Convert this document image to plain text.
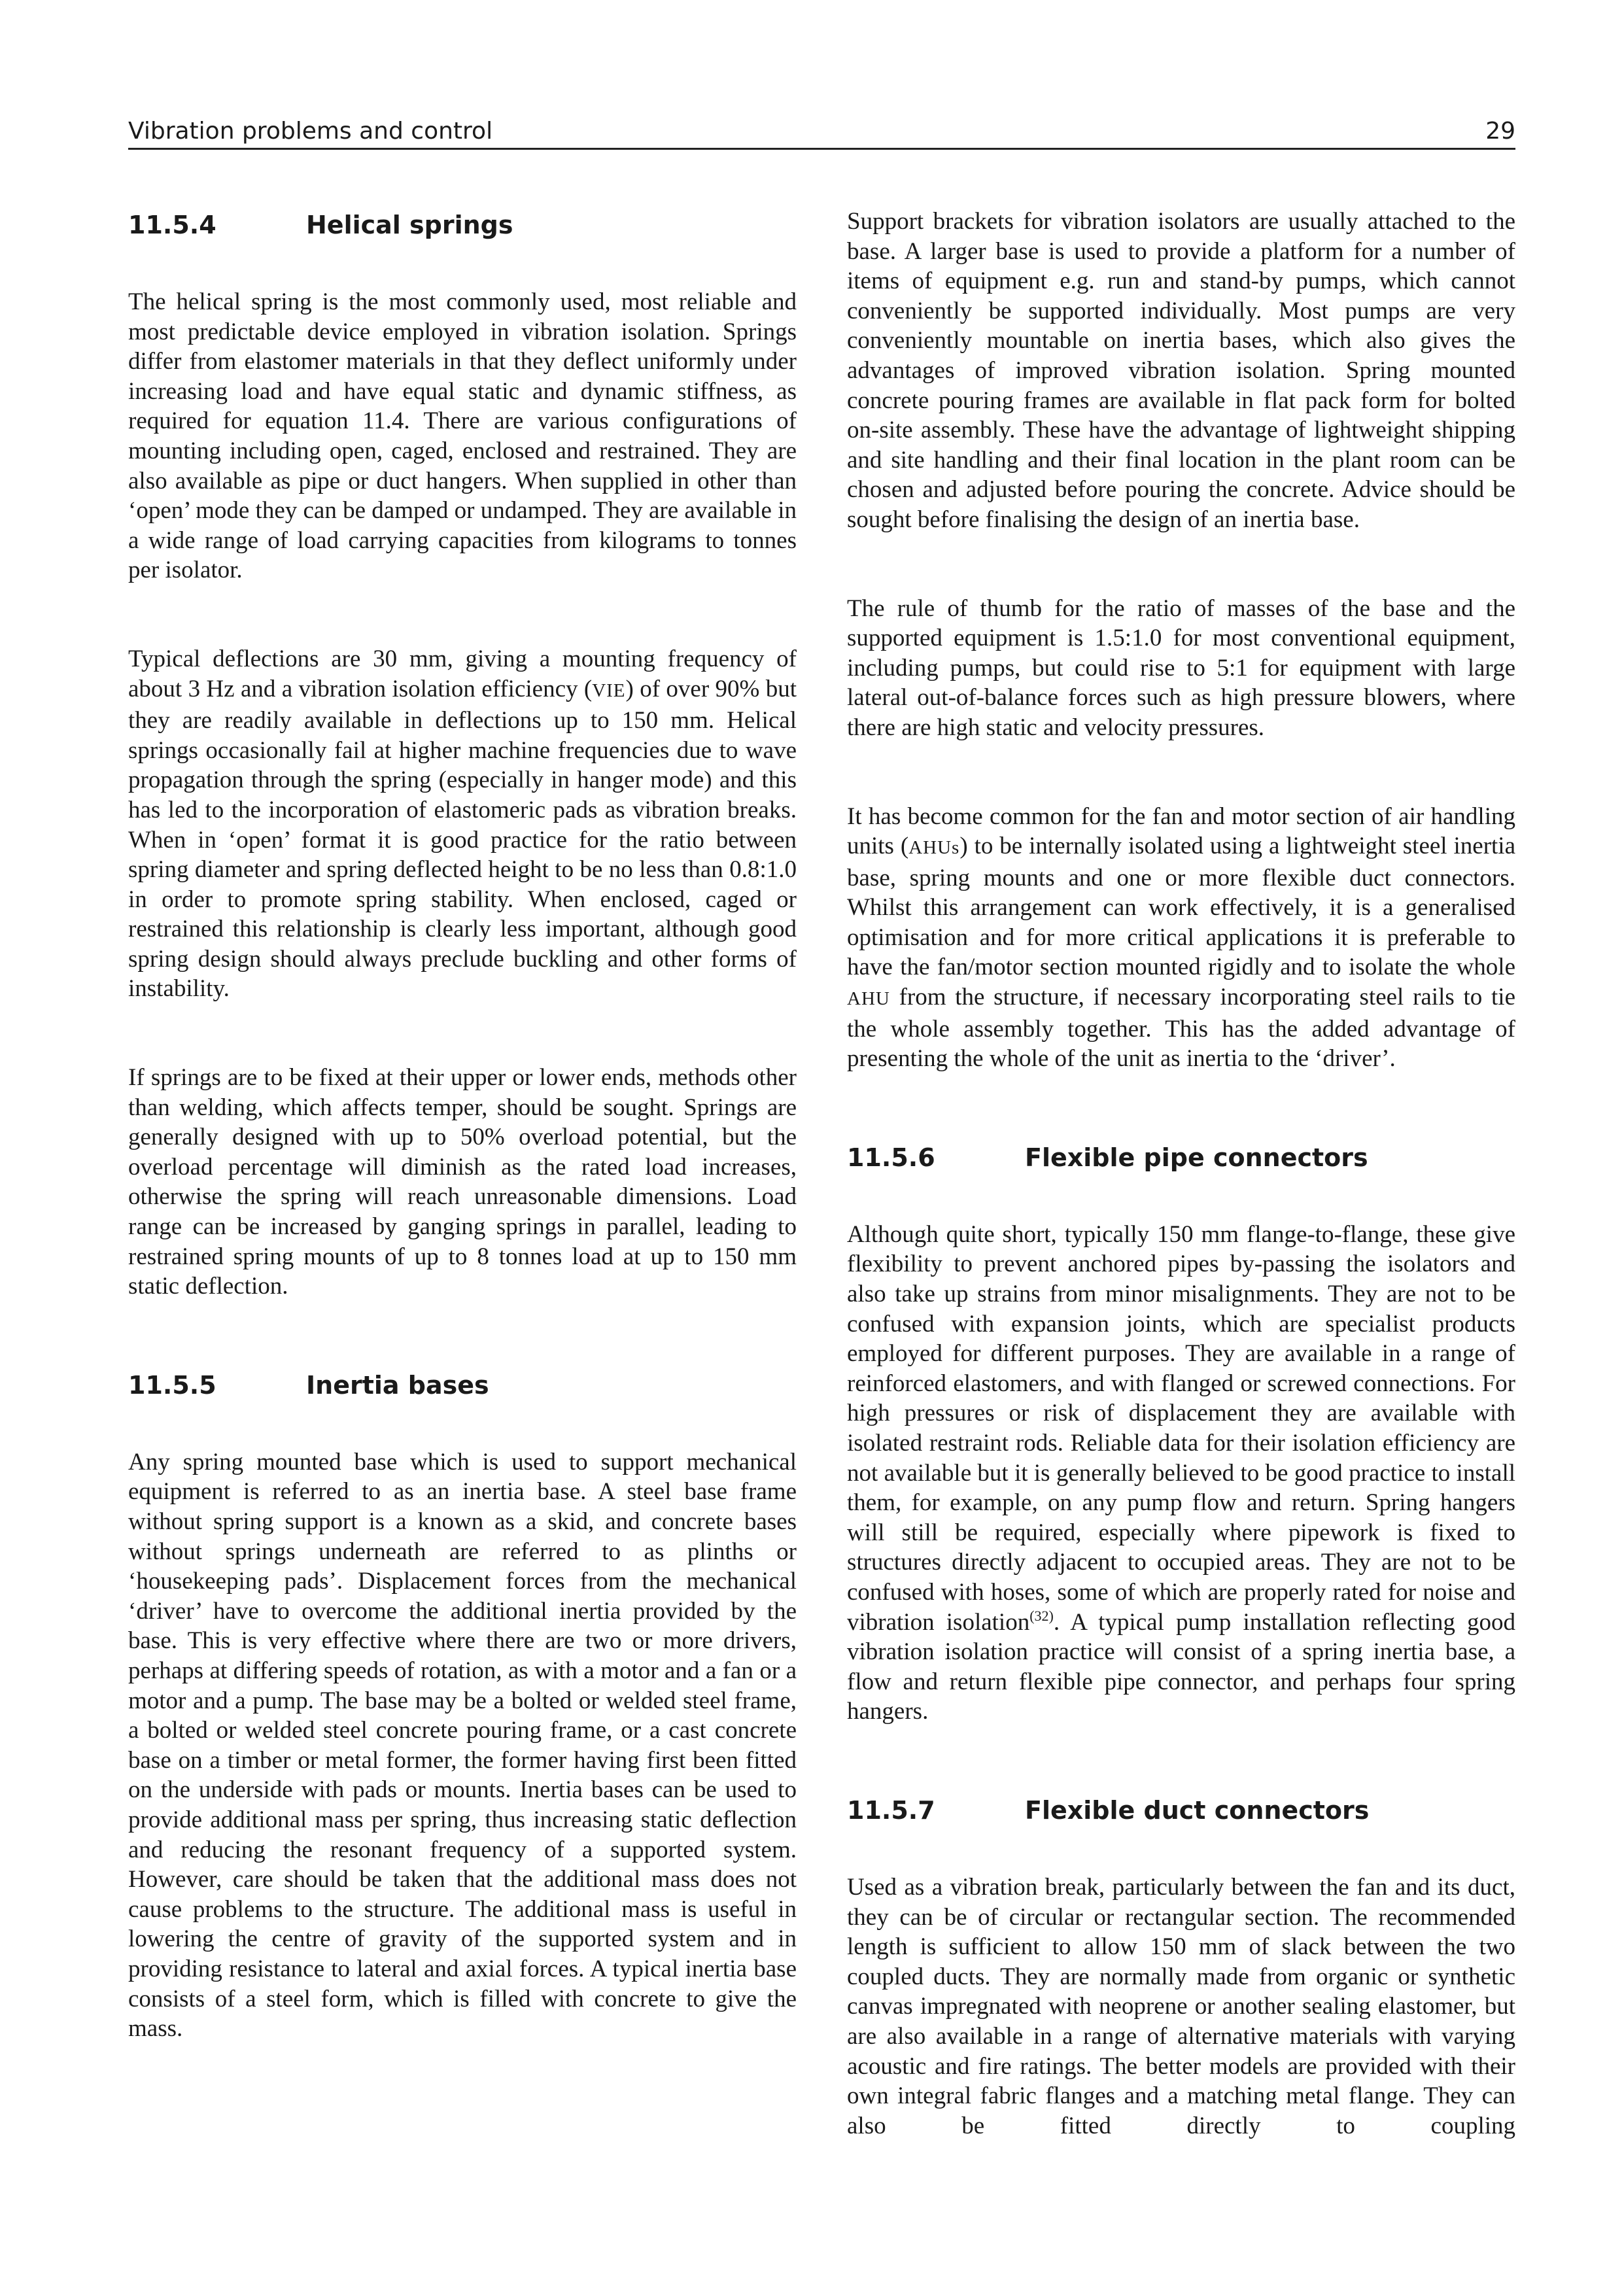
Vibration problems and control	29
11.5.4	Helical springs

The helical spring is the most commonly used, most reliable and most predictable device employed in vibration isolation. Springs differ from elastomer materials in that they deflect uniformly under increasing load and have equal static and dynamic stiffness, as required for equation 11.4. There are various configurations of mounting including open, caged, enclosed and restrained. They are also available as pipe or duct hangers. When supplied in other than ‘open’ mode they can be damped or undamped. They are available in a wide range of load carrying capacities from kilograms to tonnes per isolator.

Typical deflections are 30 mm, giving a mounting frequency of about 3 Hz and a vibration isolation efficiency (VIE) of over 90% but they are readily available in deflections up to 150 mm. Helical springs occasionally fail at higher machine frequencies due to wave propagation through the spring (especially in hanger mode) and this has led to the incorporation of elastomeric pads as vibration breaks. When in ‘open’ format it is good practice for the ratio between spring diameter and spring deflected height to be no less than 0.8:1.0 in order to promote spring stability. When enclosed, caged or restrained this relationship is clearly less important, although good spring design should always preclude buckling and other forms of instability.

If springs are to be fixed at their upper or lower ends, methods other than welding, which affects temper, should be sought. Springs are generally designed with up to 50% overload potential, but the overload percentage will diminish as the rated load increases, otherwise the spring will reach unreasonable dimensions. Load range can be increased by ganging springs in parallel, leading to restrained spring mounts of up to 8 tonnes load at up to 150 mm static deflection.

11.5.5	Inertia bases

Any spring mounted base which is used to support mechanical equipment is referred to as an inertia base. A steel base frame without spring support is a known as a skid, and concrete bases without springs underneath are referred to as plinths or ‘housekeeping pads’. Displacement forces from the mechanical ‘driver’ have to overcome the additional inertia provided by the base. This is very effective where there are two or more drivers, perhaps at differing speeds of rotation, as with a motor and a fan or a motor and a pump. The base may be a bolted or welded steel frame, a bolted or welded steel concrete pouring frame, or a cast concrete base on a timber or metal former, the former having first been fitted on the underside with pads or mounts. Inertia bases can be used to provide additional mass per spring, thus increasing static deflection and reducing the resonant frequency of a supported system. However, care should be taken that the additional mass does not cause problems to the structure. The additional mass is useful in lowering the centre of gravity of the supported system and in providing resistance to lateral and axial forces. A typical inertia base consists of a steel form, which is filled with concrete to give the mass.

Support brackets for vibration isolators are usually attached to the base. A larger base is used to provide a platform for a number of items of equipment e.g. run and stand-by pumps, which cannot conveniently be supported individually. Most pumps are very conveniently mountable on inertia bases, which also gives the advantages of improved vibration isolation. Spring mounted concrete pouring frames are available in flat pack form for bolted on-site assembly. These have the advantage of lightweight shipping and site handling and their final location in the plant room can be chosen and adjusted before pouring the concrete. Advice should be sought before finalising the design of an inertia base.

The rule of thumb for the ratio of masses of the base and the supported equipment is 1.5:1.0 for most conventional equipment, including pumps, but could rise to 5:1 for equipment with large lateral out-of-balance forces such as high pressure blowers, where there are high static and velocity pressures.

It has become common for the fan and motor section of air handling units (AHUs) to be internally isolated using a lightweight steel inertia base, spring mounts and one or more flexible duct connectors. Whilst this arrangement can work effectively, it is a generalised optimisation and for more critical applications it is preferable to have the fan/motor section mounted rigidly and to isolate the whole AHU from the structure, if necessary incorporating steel rails to tie the whole assembly together. This has the added advantage of presenting the whole of the unit as inertia to the ‘driver’.

11.5.6	Flexible pipe connectors

Although quite short, typically 150 mm flange-to-flange, these give flexibility to prevent anchored pipes by-passing the isolators and also take up strains from minor misalignments. They are not to be confused with expansion joints, which are specialist products employed for different purposes. They are available in a range of reinforced elastomers, and with flanged or screwed connections. For high pressures or risk of displacement they are available with isolated restraint rods. Reliable data for their isolation efficiency are not available but it is generally believed to be good practice to install them, for example, on any pump flow and return. Spring hangers will still be required, especially where pipework is fixed to structures directly adjacent to occupied areas. They are not to be confused with hoses, some of which are properly rated for noise and vibration isolation$^{(32)}$. A typical pump installation reflecting good vibration isolation practice will consist of a spring inertia base, a flow and return flexible pipe connector, and perhaps four spring hangers.

11.5.7	Flexible duct connectors

Used as a vibration break, particularly between the fan and its duct, they can be of circular or rectangular section. The recommended length is sufficient to allow 150 mm of slack between the two coupled ducts. They are normally made from organic or synthetic canvas impregnated with neoprene or another sealing elastomer, but are also available in a range of alternative materials with varying acoustic and fire ratings. The better models are provided with their own integral fabric flanges and a matching metal flange. They can also be fitted directly to coupling
